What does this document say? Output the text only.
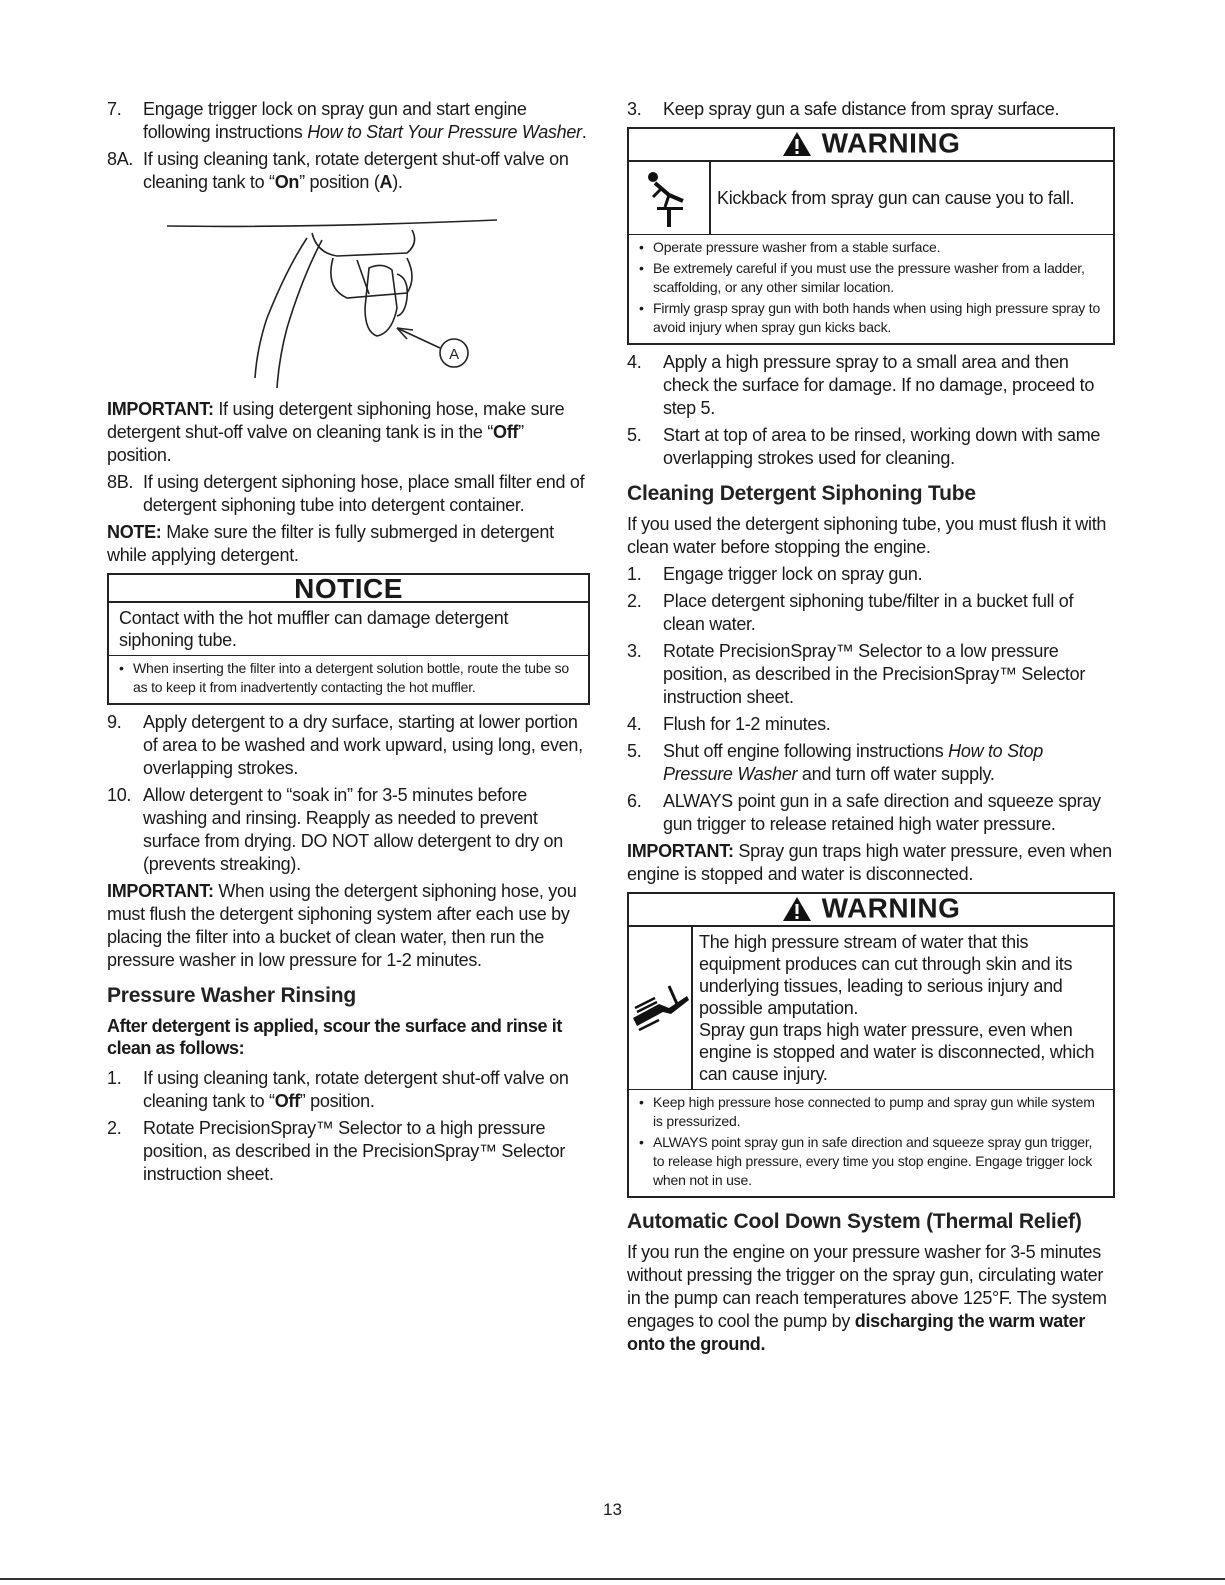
7.	Engage trigger lock on spray gun and start engine following instructions How to Start Your Pressure Washer.
8A. If using cleaning tank, rotate detergent shut-off valve on cleaning tank to “On” position (A).
A

IMPORTANT: If using detergent siphoning hose, make sure detergent shut-off valve on cleaning tank is in the “Off” position.

8B. If using detergent siphoning hose, place small filter end of detergent siphoning tube into detergent container.

NOTE: Make sure the filter is fully submerged in detergent while applying detergent.

NOTICE
Contact with the hot muffler can damage detergent siphoning tube.
• When inserting the filter into a detergent solution bottle, route the tube so as to keep it from inadvertently contacting the hot muffler.
9.	Apply detergent to a dry surface, starting at lower portion of area to be washed and work upward, using long, even, overlapping strokes.
10. Allow detergent to “soak in” for 3-5 minutes before washing and rinsing. Reapply as needed to prevent surface from drying. DO NOT allow detergent to dry on (prevents streaking).

IMPORTANT: When using the detergent siphoning hose, you must flush the detergent siphoning system after each use by placing the filter into a bucket of clean water, then run the pressure washer in low pressure for 1-2 minutes.

Pressure Washer Rinsing
After detergent is applied, scour the surface and rinse it clean as follows:
1.	If using cleaning tank, rotate detergent shut-off valve on cleaning tank to “Off” position.
2.	Rotate PrecisionSpray™ Selector to a high pressure position, as described in the PrecisionSpray™ Selector instruction sheet.
3.	Keep spray gun a safe distance from spray surface.
WARNING
Kickback from spray gun can cause you to fall.
• Operate pressure washer from a stable surface.
• Be extremely careful if you must use the pressure washer from a ladder, scaffolding, or any other similar location.
• Firmly grasp spray gun with both hands when using high pressure spray to avoid injury when spray gun kicks back.
4.	Apply a high pressure spray to a small area and then check the surface for damage. If no damage, proceed to step 5.
5.	Start at top of area to be rinsed, working down with same overlapping strokes used for cleaning.
Cleaning Detergent Siphoning Tube

If you used the detergent siphoning tube, you must flush it with clean water before stopping the engine.

1.	Engage trigger lock on spray gun.
2.	Place detergent siphoning tube/filter in a bucket full of clean water.
3.	Rotate PrecisionSpray™ Selector to a low pressure position, as described in the PrecisionSpray™ Selector instruction sheet.
4.	Flush for 1-2 minutes.
5.	Shut off engine following instructions How to Stop Pressure Washer and turn off water supply.
6.	ALWAYS point gun in a safe direction and squeeze spray gun trigger to release retained high water pressure.

IMPORTANT: Spray gun traps high water pressure, even when engine is stopped and water is disconnected.

WARNING
The high pressure stream of water that this equipment produces can cut through skin and its underlying tissues, leading to serious injury and possible amputation.
Spray gun traps high water pressure, even when engine is stopped and water is disconnected, which can cause injury.
• Keep high pressure hose connected to pump and spray gun while system is pressurized.
• ALWAYS point spray gun in safe direction and squeeze spray gun trigger, to release high pressure, every time you stop engine. Engage trigger lock when not in use.
Automatic Cool Down System (Thermal Relief)

If you run the engine on your pressure washer for 3-5 minutes without pressing the trigger on the spray gun, circulating water in the pump can reach temperatures above 125°F. The system engages to cool the pump by discharging the warm water onto the ground.

13
